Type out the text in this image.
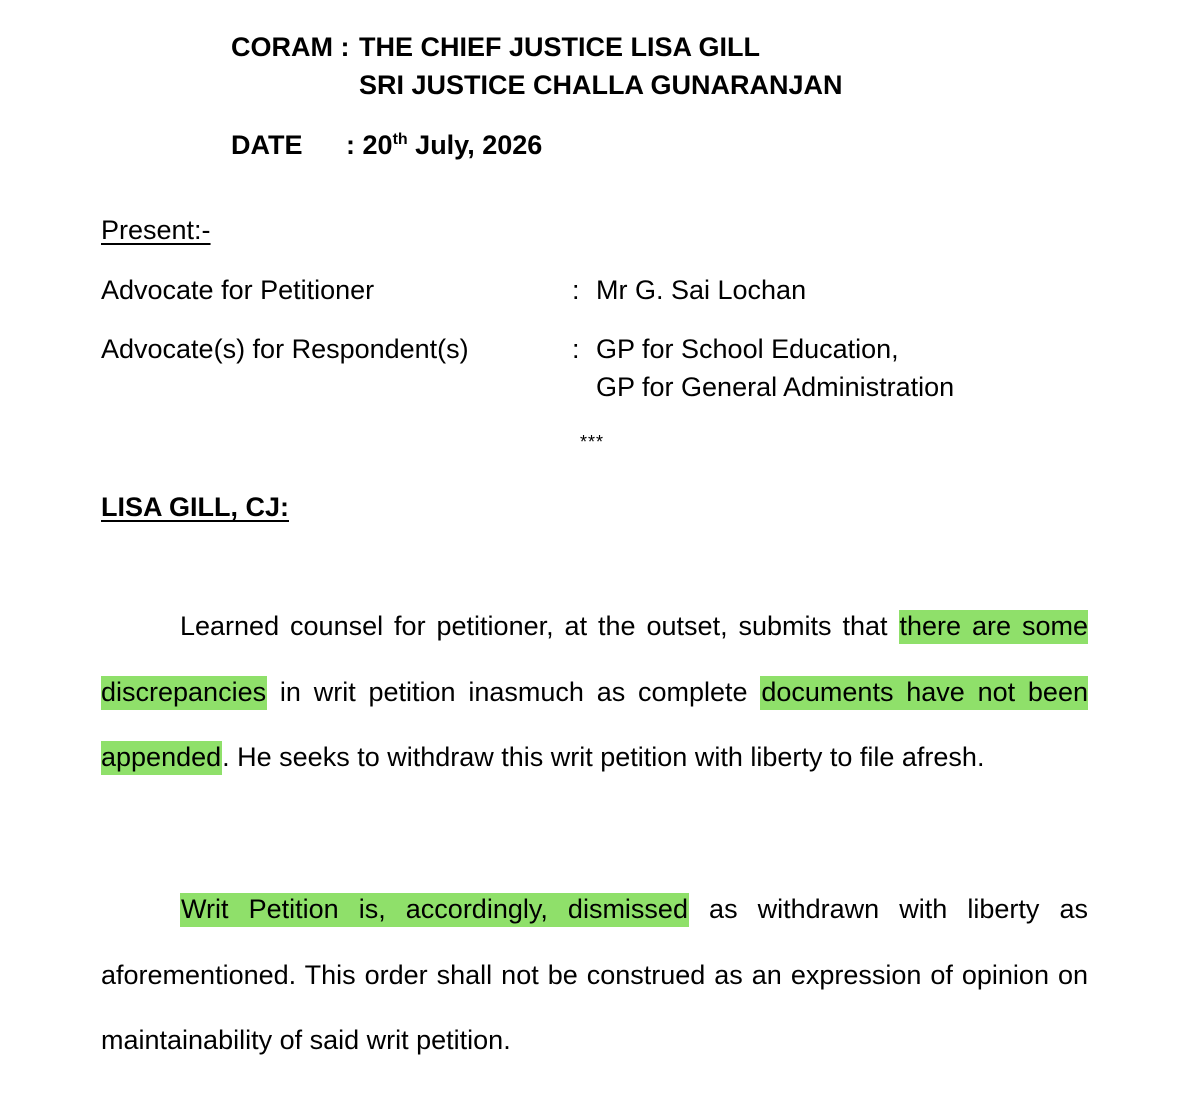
CORAM : THE CHIEF JUSTICE LISA GILL
SRI JUSTICE CHALLA GUNARANJAN
DATE : 20th July, 2026
Present:-
Advocate for Petitioner	: Mr G. Sai Lochan
Advocate(s) for Respondent(s)	: GP for School Education,
GP for General Administration
***
LISA GILL, CJ:

Learned counsel for petitioner, at the outset, submits that there are some discrepancies in writ petition inasmuch as complete documents have not been appended. He seeks to withdraw this writ petition with liberty to file afresh.

Writ Petition is, accordingly, dismissed as withdrawn with liberty as aforementioned. This order shall not be construed as an expression of opinion on maintainability of said writ petition.
